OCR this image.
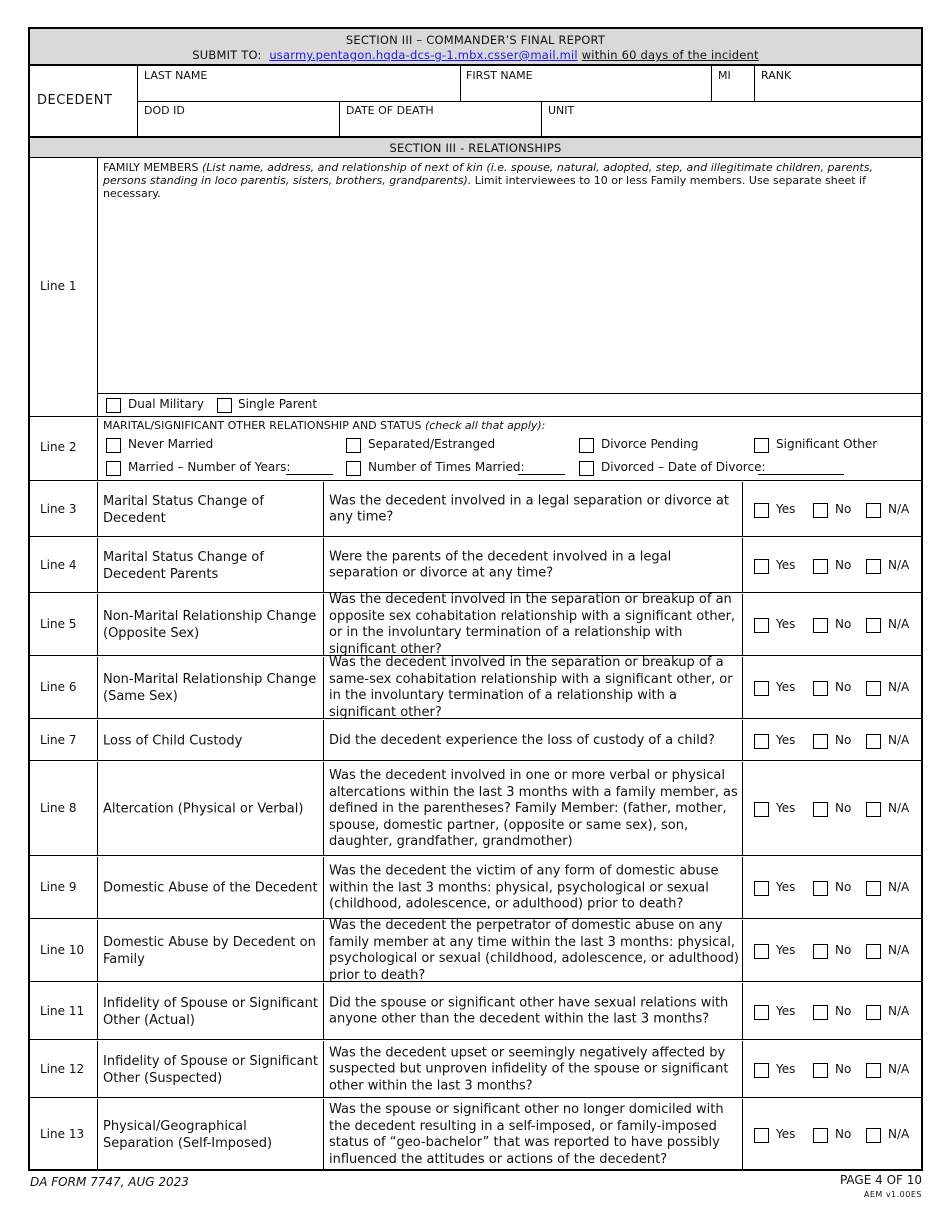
SECTION III – COMMANDER’S FINAL REPORT
SUBMIT TO: usarmy.pentagon.hqda-dcs-g-1.mbx.csser@mail.mil within 60 days of the incident
DECEDENT
LAST NAME	FIRST NAME	MI	RANK
DOD ID	DATE OF DEATH	UNIT
SECTION III - RELATIONSHIPS
Line 1
FAMILY MEMBERS (List name, address, and relationship of next of kin (i.e. spouse, natural, adopted, step, and illegitimate children, parents, persons standing in loco parentis, sisters, brothers, grandparents). Limit interviewees to 10 or less Family members. Use separate sheet if necessary.
Dual Military	Single Parent
Line 2
MARITAL/SIGNIFICANT OTHER RELATIONSHIP AND STATUS (check all that apply):
Never Married	Separated/Estranged	Divorce Pending	Significant Other
Married – Number of Years:	Number of Times Married:	Divorced – Date of Divorce:
Line 3 Marital Status Change of Decedent
Was the decedent involved in a legal separation or divorce at any time?
Yes	No	N/A
Line 4 Marital Status Change of Decedent Parents
Were the parents of the decedent involved in a legal separation or divorce at any time?
Yes	No	N/A
Line 5 Non-Marital Relationship Change (Opposite Sex)
Was the decedent involved in the separation or breakup of an opposite sex cohabitation relationship with a significant other, or in the involuntary termination of a relationship with significant other?
Yes	No	N/A
Line 6 Non-Marital Relationship Change (Same Sex)
Was the decedent involved in the separation or breakup of a same-sex cohabitation relationship with a significant other, or in the involuntary termination of a relationship with a significant other?
Yes	No	N/A
Line 7 Loss of Child Custody	Did the decedent experience the loss of custody of a child?	Yes	No	N/A
Line 8 Altercation (Physical or Verbal)
Was the decedent involved in one or more verbal or physical altercations within the last 3 months with a family member, as defined in the parentheses? Family Member: (father, mother, spouse, domestic partner, (opposite or same sex), son, daughter, grandfather, grandmother)
Yes	No	N/A
Line 9 Domestic Abuse of the Decedent
Was the decedent the victim of any form of domestic abuse within the last 3 months: physical, psychological or sexual (childhood, adolescence, or adulthood) prior to death?
Yes	No	N/A
Line 10 Domestic Abuse by Decedent on Family
Was the decedent the perpetrator of domestic abuse on any family member at any time within the last 3 months: physical, psychological or sexual (childhood, adolescence, or adulthood) prior to death?
Yes	No	N/A
Line 11 Infidelity of Spouse or Significant Other (Actual)
Did the spouse or significant other have sexual relations with anyone other than the decedent within the last 3 months?
Yes	No	N/A
Line 12 Infidelity of Spouse or Significant Other (Suspected)
Was the decedent upset or seemingly negatively affected by suspected but unproven infidelity of the spouse or significant other within the last 3 months?
Yes	No	N/A
Line 13 Physical/Geographical Separation (Self-Imposed)
Was the spouse or significant other no longer domiciled with the decedent resulting in a self-imposed, or family-imposed status of “geo-bachelor” that was reported to have possibly influenced the attitudes or actions of the decedent?
Yes	No	N/A
DA FORM 7747, AUG 2023	PAGE 4 OF 10
AEM v1.00ES
